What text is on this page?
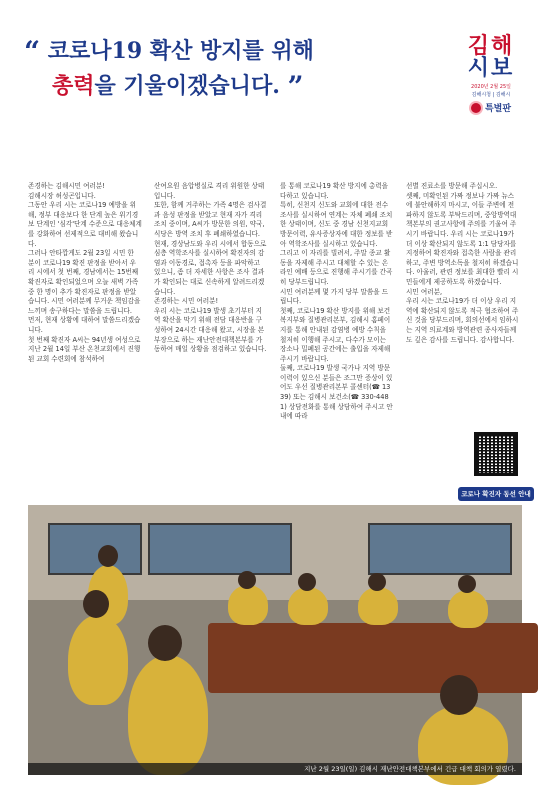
“ 코로나19 확산 방지를 위해
총력을 기울이겠습니다. ”
김해
시보
2020년 2월 25일
김해시청 | 김해시
특별판
존경하는 김해시민 여러분!
김해시장 허성곤입니다.
그동안 우리 시는 코로나19 예방을 위해, 정부 대응보다 한 단계 높은 위기경보 단계인 '심각'단계 수준으로 대응체계를 강화하여 선제적으로 대비해 왔습니다.
그러나 안타깝게도 2월 23일 시민 한 분이 코로나19 확진 판정을 받아서 우리 시에서 첫 번째, 경남에서는 15번째 확진자로 확인되었으며 오늘 새벽 가족 중 한 명이 추가 확진자로 판정을 받았습니다. 시민 여러분께 무거운 책임감을 느끼며 송구하다는 말씀을 드립니다.
먼저, 현재 상황에 대하여 말씀드리겠습니다.
첫 번째 확진자 A씨는 94년생 여성으로 지난 2월 14일 부산 온천교회에서 진행된 교회 수련회에 참석하여
산여요원 음압병실로 격리 위원한 상태입니다.
또한, 함께 거주하는 가족 4명은 검사결과 음성 판정을 받았고 현재 자가 격리조치 중이며, A씨가 방문한 의원, 약국, 식당은 방역 조치 후 폐쇄하였습니다.
현재, 경상남도와 우리 시에서 합동으로 심층 역학조사를 실시하여 확진자의 감염과 이동경로, 접촉자 등을 파악하고 있으니, 좀 더 자세한 사항은 조사 결과가 확인되는 대로 신속하게 알려드리겠습니다.
존경하는 시민 여러분!
우리 시는 코로나19 발생 초기부터 지역 확산을 막기 위해 전담 대응반을 구성하여 24시간 대응해 왔고, 시장을 본부장으로 하는 재난안전대책본부를 가동하여 매일 상황을 점검하고 있습니다.
를 통해 코로나19 확산 방지에 총력을 다하고 있습니다.
특히, 신천지 신도와 교회에 대한 전수조사를 실시하여 연계는 자체 폐쇄 조치한 상태이며, 신도 중 경남 신천지교회 방문이력, 유사증상자에 대한 정보를 받아 역학조사를 실시하고 있습니다.
그리고 이 자리를 빌려서, 주말 종교 활동을 자제해 주시고 대체할 수 있는 온라인 예배 등으로 진행해 주시기를 간곡히 당부드립니다.
시민 여러분께 몇 가지 당부 말씀을 드립니다.
첫째, 코로나19 확산 방지를 위해 보건복지부와 질병관리본부, 김해시 홈페이지를 통해 안내된 감염병 예방 수칙을 철저히 이행해 주시고, 다수가 모이는 장소나 밀폐된 공간에는 출입을 자제해 주시기 바랍니다.
둘째, 코로나19 발생 국가나 지역 방문 이력이 있으신 분들은 조그만 증상이 있어도 우선 질병관리본부 콜센터(☎ 1339) 또는 김해시 보건소(☎ 330-4481) 상담전화를 통해 상담하여 주시고 안내에 따라
선별 진료소를 방문해 주십시오.
셋째, 미확인된 가짜 정보나 가짜 뉴스에 불안해하지 마시고, 이들 주변에 전파하지 않도록 부탁드리며, 중앙방역대책본부의 권고사항에 주의를 기울여 주시기 바랍니다. 우리 시는 코로나19가 더 이상 확산되지 않도록 1:1 담당자를 지정하여 확진자와 접촉한 사람을 관리하고, 주변 방역소독을 철저히 하겠습니다. 아울러, 관련 정보를 최대한 빨리 시민들에게 제공하도록 하겠습니다.
시민 여러분,
우리 시는 코로나19가 더 이상 우리 지역에 확산되지 않도록 적극 협조하여 주신 것을 당부드리며, 회의선에서 임하시는 지역 의료계와 방역관련 종사자들께도 깊은 감사를 드립니다. 감사합니다.
코로나 확진자 동선 안내
지난 2월 23일(일) 김해시 재난안전대책본부에서 긴급 대책 회의가 열렸다.
